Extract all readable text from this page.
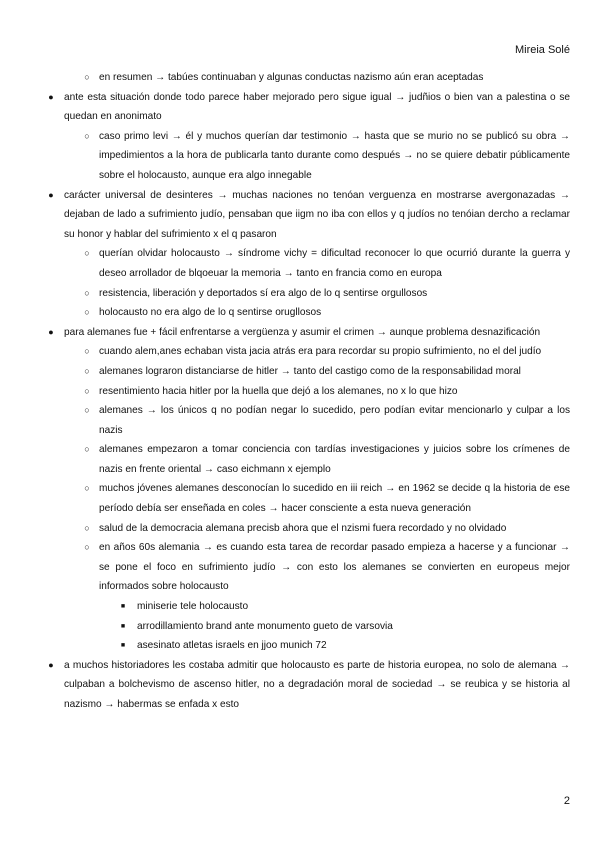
Mireia Solé
○ en resumen → tabúes continuaban y algunas conductas nazismo aún eran aceptadas
● ante esta situación donde todo parece haber mejorado pero sigue igual → judñios o bien van a palestina o se quedan en anonimato
○ caso primo levi → él y muchos querían dar testimonio → hasta que se murio no se publicó su obra → impedimientos a la hora de publicarla tanto durante como después → no se quiere debatir públicamente sobre el holocausto, aunque era algo innegable
● carácter universal de desinteres → muchas naciones no tenóan verguenza en mostrarse avergonazadas → dejaban de lado a sufrimiento judío, pensaban que iigm no iba con ellos y q judíos no tenóian dercho a reclamar su honor y hablar del sufrimiento x el q pasaron
○ querían olvidar holocausto → síndrome vichy = dificultad reconocer lo que ocurrió durante la guerra y deseo arrollador de blqoeuar la memoria → tanto en francia como en europa
○ resistencia, liberación y deportados sí era algo de lo q sentirse orgullosos
○ holocausto no era algo de lo q sentirse orugllosos
● para alemanes fue + fácil enfrentarse a vergüenza y asumir el crimen → aunque problema desnazificación
○ cuando alem,anes echaban vista jacia atrás era para recordar su propio sufrimiento, no el del judío
○ alemanes lograron distanciarse de hitler → tanto del castigo como de la responsabilidad moral
○ resentimiento hacia hitler por la huella que dejó a los alemanes, no x lo que hizo
○ alemanes → los únicos q no podían negar lo sucedido, pero podían evitar mencionarlo y culpar a los nazis
○ alemanes empezaron a tomar conciencia con tardías investigaciones y juicios sobre los crímenes de nazis en frente oriental → caso eichmann x ejemplo
○ muchos jóvenes alemanes desconocían lo sucedido en iii reich → en 1962 se decide q la historia de ese período debía ser enseñada en coles → hacer consciente a esta nueva generación
○ salud de la democracia alemana precisb ahora que el nzismi fuera recordado y no olvidado
○ en años 60s alemania → es cuando esta tarea de recordar pasado empieza a hacerse y a funcionar → se pone el foco en sufrimiento judío → con esto los alemanes se convierten en europeus mejor informados sobre holocausto
■ miniserie tele holocausto
■ arrodillamiento brand ante monumento gueto de varsovia
■ asesinato atletas israels en jjoo munich 72
● a muchos historiadores les costaba admitir que holocausto es parte de historia europea, no solo de alemana → culpaban a bolchevismo de ascenso hitler, no a degradación moral de sociedad → se reubica y se historia al nazismo → habermas se enfada x esto
2
